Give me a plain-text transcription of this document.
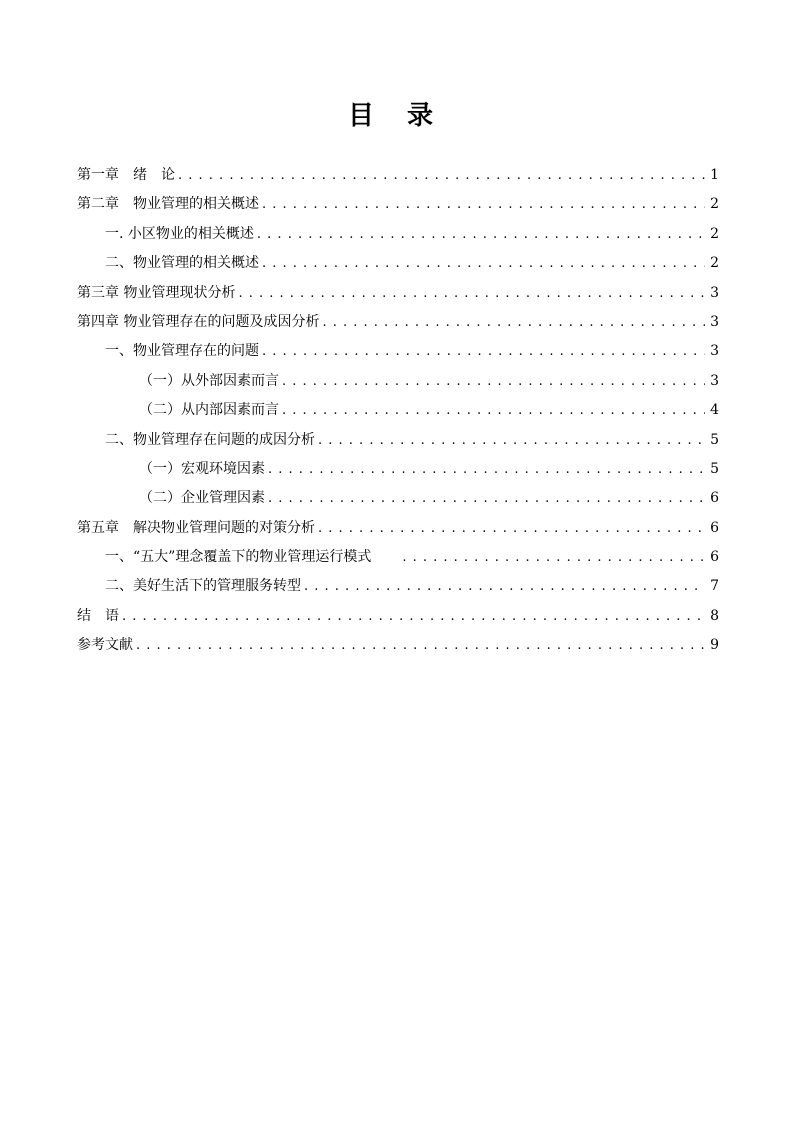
目 录
第一章　绪　论 . . .	1
第二章　物业管理的相关概述 . . .	2
一. 小区物业的相关概述 . . .	2
二、物业管理的相关概述 . . .	2
第三章 物业管理现状分析 . . .	3
第四章 物业管理存在的问题及成因分析 . . .	3
一、物业管理存在的问题 . . .	3
（一）从外部因素而言 . . .	3
（二）从内部因素而言 . . .	4
二、物业管理存在问题的成因分析 . . .	5
（一）宏观环境因素 . . .	5
（二）企业管理因素 . . .	6
第五章　解决物业管理问题的对策分析 . . .	6
一、“五大”理念覆盖下的物业管理运行模式　　 . . .	6
二、美好生活下的管理服务转型 . . .	7
结　语 . . .	8
参考文献 . . .	9
